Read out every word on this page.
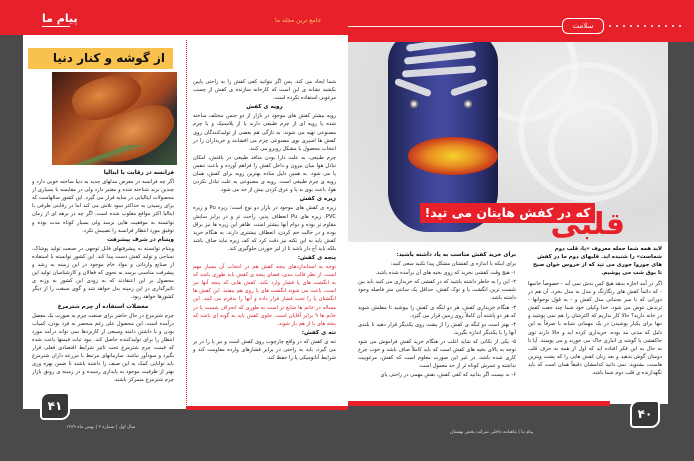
پیام ما	جامع ترین مجله ما
سلامت
از گوشه و کنار دنیا
فرانسه در رقابت با ایتالیا

اگر چه فرانسه در معرض مدلهای جدید به دنیا ساخته خوبی دارد و چندین برند شناخته شده و معتبر دارد ولی در مقایسه با بسیاری از محصولات ایتالیایی در سایه قرار می گیرد. این کشور سالهاست که برای رسیدن به حداکثر سود تلاش می کند اما در رقابتی طرفی با ایتالیا اکثر مواقع مغلوب شده است. اگر چه در برهه ای از زمان توانسته به موفقیت هایی برسد ولی بسیار کوتاه مدت بوده و توفیق مورد انتظار فرانسه را نصیبش نکرد.

ویتنام در شرف پیشرفت

ویتنام توانسته به پیشرفتهای قابل توجهی در صنعت تولید پوشاک، نساجی و تولید کفش دست پیدا کند. این کشور توانسته با استفاده از صنایع وارداتی و مواد خام موجود در این زمینه به رشد و پیشرفت مناسبی برسد به نحوی که فعالان و کارشناسان تولید این محصول بر این اعتقادند که به زودی این کشور به وزنه ی تاثیرگذاری در این زمینه بدل خواهد شد و گوی سبقت را از دیگر کشورها خواهد ربود.

معضلات استفاده از چرم شترمرغ

چرم شترمرغ در حال حاضر برای صنعت چرم به صورت یک معضل درآمده است. این محصول علی رغم منحصر به فرد بودن، کمیاب بودن و با داشتن دامنه وسیعی از کاربردها نمی تواند درآمد مورد انتظار را برای تولیدکننده حاصل کند. نبود ثبات قیمتها باعث شده که قیمت چرم شترمرغ تحت تاثیر شرایط اقتصادی فعلی قرار بگیرد و سودآور نباشد. سازمانهای مرتبط با مزرعه داران شترمرغ باید توانایی کمک به این صنف را داشته باشند تا ضمن بهره وری بهتر از ظرفیت موجود به پایداری رسیده و در زمینه ی رونق بازار چرم شترمرغ متمرکز باشند.

شما ایجاد می کند. پس اگر بتوانید کفی کفش را به راحتی پایین بکشید نشانه ی این است که کارخانه سازنده ی کفش از چسب مرغوبی استفاده نکرده است.

رویه ی کفش

رویه بیشتر کفش های موجود در بازار از دو جنس مختلف ساخته شده یا رویه ای از چرم طبیعی دارند یا از پلاستیک و یا چرم مصنوعی تهیه می شوند. به تازگی هم بعضی از تولیدکنندگان روی کفش ها اسپری بوی مصنوعی چرم می افشانند و خریداران را در انتخاب محصول با مشکل روبرو می کنند.

چرم طبیعی، به علت دارا بودن منافذ طبیعی در بافتش، امکان تبادل هوا میان بیرون و داخل کفش را فراهم آورده و باعث تنفس پا می شود. به همین دلیل ساده بهترین رویه برای کفش، همان رویه ی چرم طبیعی است. رویه ی مصنوعی به علت تبادل نکردن هوا، باعث بوی بد پا و عرق کردن بیش از حد می شود.

زیره ی کفش

زیره ی کفش های موجود در بازار دو نوع است: زیره Pu و زیره PVC. زیره های Pu انعطاف پذیر، راحت تر و در برابر سایش مقاوم تر بوده و دوام آنها بیشتر است. ظاهر این زیره ها نیز براق بوده و در حالت خم کردن، انعطاف بیشتری دارند. به هنگام خرید کفش باید به این نکته نیز دقت کرد که کف زیره نباید صاف باشد بلکه باید آج دار باشد تا از لیز خوردن جلوگیری کند.

پنجه ی کفش:

توجه به استانداردهای پنجه کفش هم در انتخاب آن بسیار مهم است. از نظر قالب بندی، فضای پنجه ی کفش باید طوری باشد که به انگشت های پا فشار وارد نکند. کفش هایی که پنجه آنها تیز است، باعث می شوند انگشت های پا روی هم بیفتند. این کفش ها انگشتان پا را تحت فشار قرار داده و آنها را بدفرم می کنند. این مساله در خانم ها شایع تر است به طوری که انحراف شست پا در خانم ها ۹ برابر آقایان است. جلوی کفش باید به گونه ای باشد که پنجه های پا از هم باز شوند.

تنه ی کفش:

تنه ی کفش که در واقع چارچوب روی کفش است و نیز پا را در بر می گیرد، باید به راحتی در برابر فشارهای وارده مقاومت کند و شرایط آناتومیکی پا را حفظ کند.

۴۱
سال اول | شماره ۲ | بهمن ماه ۱۳۸۹
که در کفش هایتان می تپد!
قلبی
لابد همه شما جمله معروف «پا، قلب دوم شماست» را شنیده اید. قلبهای دوم ما در کفش های جوروا جوری می تپد که از خروس خوان صبح تا بوق شب می پوشیم.

اگر در آمد اجازه بدهد هیچ کس بدش نمی آید - خصوصاً خانمها - که دائماً کفش های رنگارنگ و مدل به مدل بخرد. آن هم در دورانی که تا سر بجنبانی مدل کفش و - به قول نوجوانها - ترندش عوض می شود. خدا وکیلی خود شما چند جفت کفش در خانه دارید؟ حالا کار نداریم که اکثرشان را هم نمی پوشید و تنها برای یکبار پوشیدن در یک مهمانی شبانه یا صرفاً به این دلیل که مدتی مد بوده، خریداری کرده اید و حالا دارند توی جاکفشی یا گوشه ی انباری خاک می خورند و می پوسند. آیا تا به حال به این فکر افتاده اید که اول از همه به حرف قلب دومتان گوش بدهید و بعد زبان کفش هایی را که پشت ویترین هاست، بشنوید. نمی دانید کدامشان دقیقاً همان است که باید نگهدارنده ی قلب دوم شما باشد.

برای خرید کفش مناسب به یاد داشته باشید:

برای اینکه با اندازه ی کفشتان مشکل پیدا نکنید سعی کنید:

۱- هیچ وقت کفشی نخرید که روی بخیه های آن برآمده شده باشد.

۲- این را به خاطر داشته باشید که در کفشی که خریداری می کنید باید بین شَست ترین انگشت پا و نوک کفش، حداقل یک سانتی متر فاصله وجود داشته باشد.

۳- هنگام خریداری کفش، هر دو لنگه ی کفش را بپوشید تا مطمئن شوید که هر دو پاشنه آن کاملاً روی زمین قرار می گیرد.

۴- بهتر است دو لنگه ی کفش را از پشت روی یکدیگر قرار دهید تا بلندی آنها را با یکدیگر اندازه بگیرید.

۵- یکی از نکاتی که شاید اغلب در هنگام خرید کفش فراموش می شود توجه به بالای بخیه های کفش است که باید کاملاً صاف باشد و خوب چرخ کاری شده باشد، در غیر این صورت معلوم است که کفش، مرغوبیت نداشته و عمرش کوتاه تر از حد معمول است.

۶- بد نیست اگر بدانید که کفی کفش، نقش مهمی در راحتی پای

۴۰
پیام ما | ماهنامه داخلی شرکت پخش بهستان
